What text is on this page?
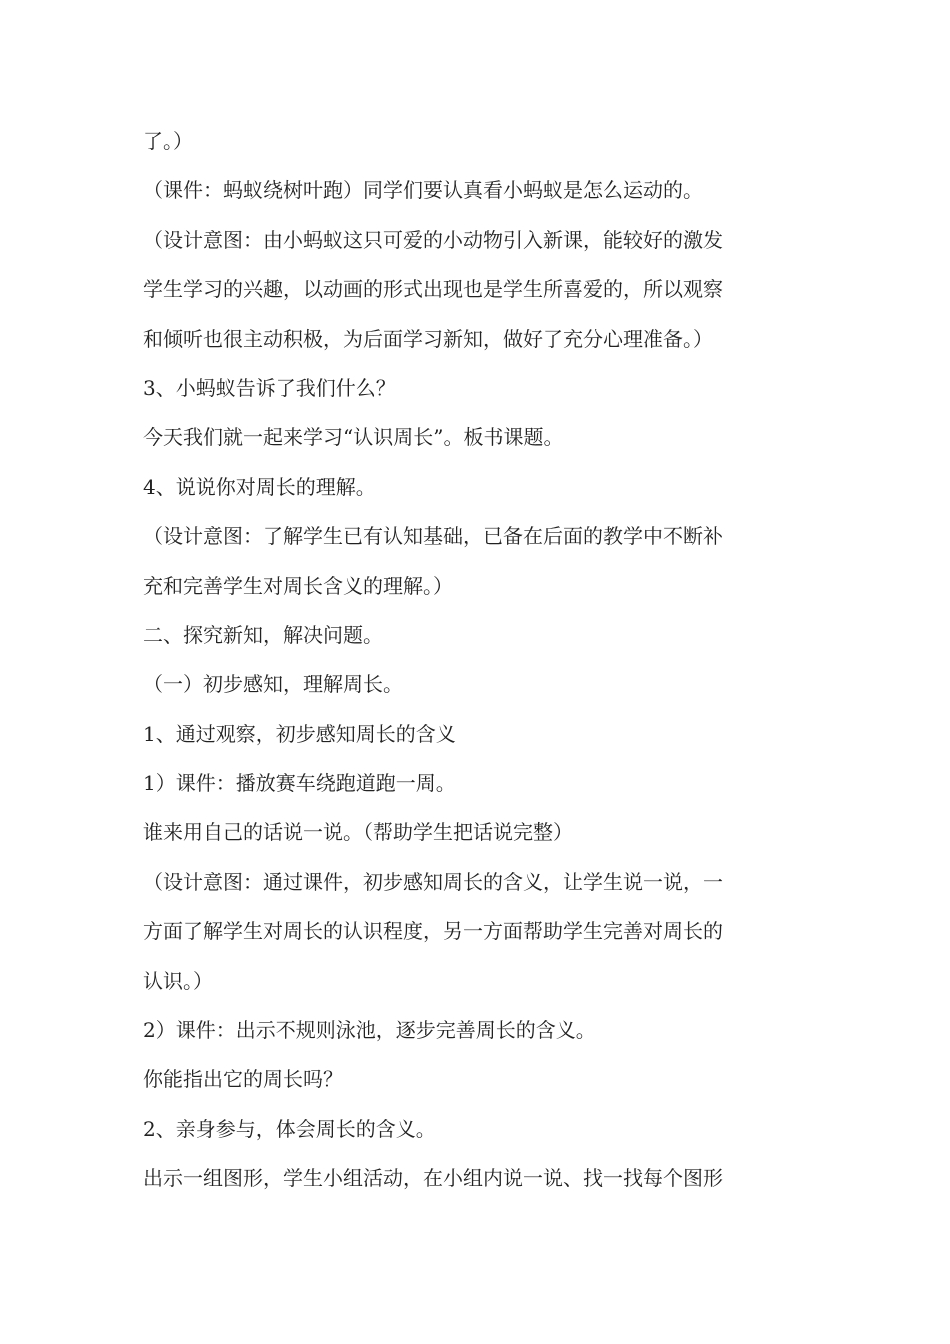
了。）
（课件：蚂蚁绕树叶跑）同学们要认真看小蚂蚁是怎么运动的。
（设计意图：由小蚂蚁这只可爱的小动物引入新课，能较好的激发
学生学习的兴趣，以动画的形式出现也是学生所喜爱的，所以观察
和倾听也很主动积极，为后面学习新知，做好了充分心理准备。）
3、小蚂蚁告诉了我们什么？
今天我们就一起来学习“认识周长”。板书课题。
4、说说你对周长的理解。
（设计意图：了解学生已有认知基础，已备在后面的教学中不断补
充和完善学生对周长含义的理解。）
二、探究新知，解决问题。
（一）初步感知，理解周长。
1、通过观察，初步感知周长的含义
1）课件：播放赛车绕跑道跑一周。
谁来用自己的话说一说。（帮助学生把话说完整）
（设计意图：通过课件，初步感知周长的含义，让学生说一说，一
方面了解学生对周长的认识程度，另一方面帮助学生完善对周长的
认识。）
2）课件：出示不规则泳池，逐步完善周长的含义。
你能指出它的周长吗？
2、亲身参与，体会周长的含义。
出示一组图形，学生小组活动，在小组内说一说、找一找每个图形
